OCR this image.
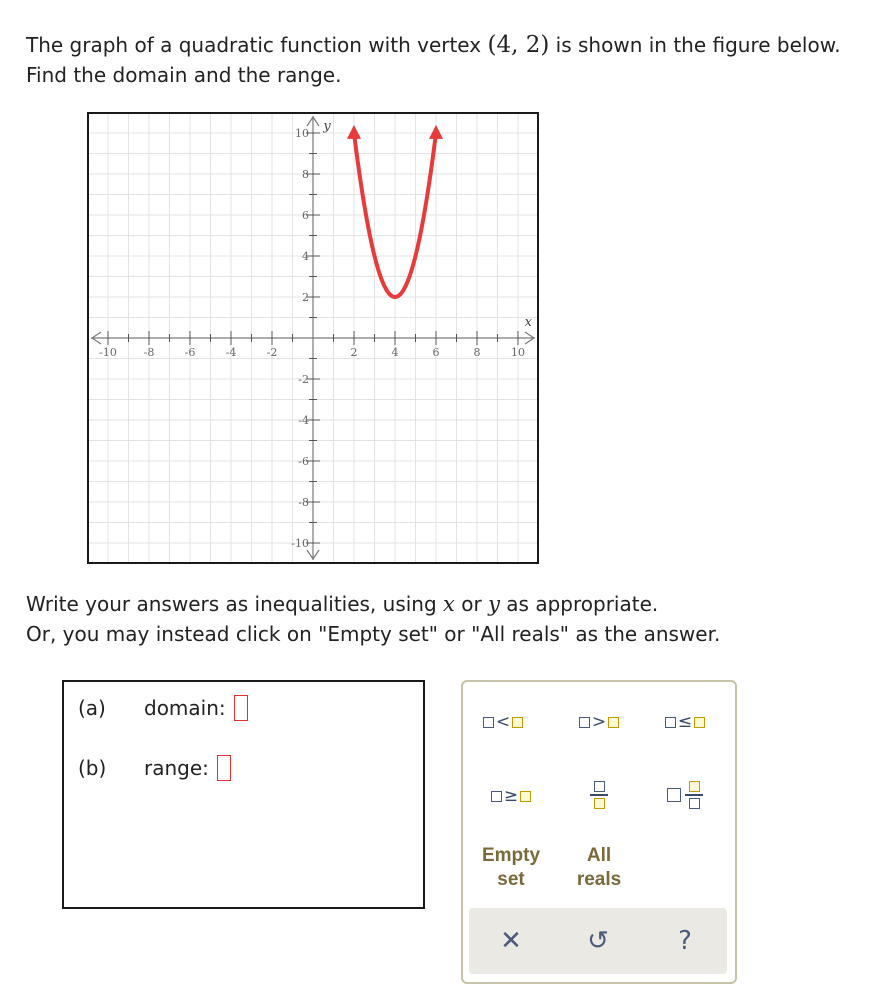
The graph of a quadratic function with vertex (4, 2) is shown in the figure below.
Find the domain and the range.

-10 -8	-6	-4	-2	2	4	6	8	10
10
8
6
4
2
-2
-4
-6
-8
-10
x
y
Write your answers as inequalities, using x or y as appropriate.
Or, you may instead click on "Empty set" or "All reals" as the answer.
(a)	domain:
(b)	range:
<	>	≤
≥
Empty
set
All
reals
✕	↺	?
